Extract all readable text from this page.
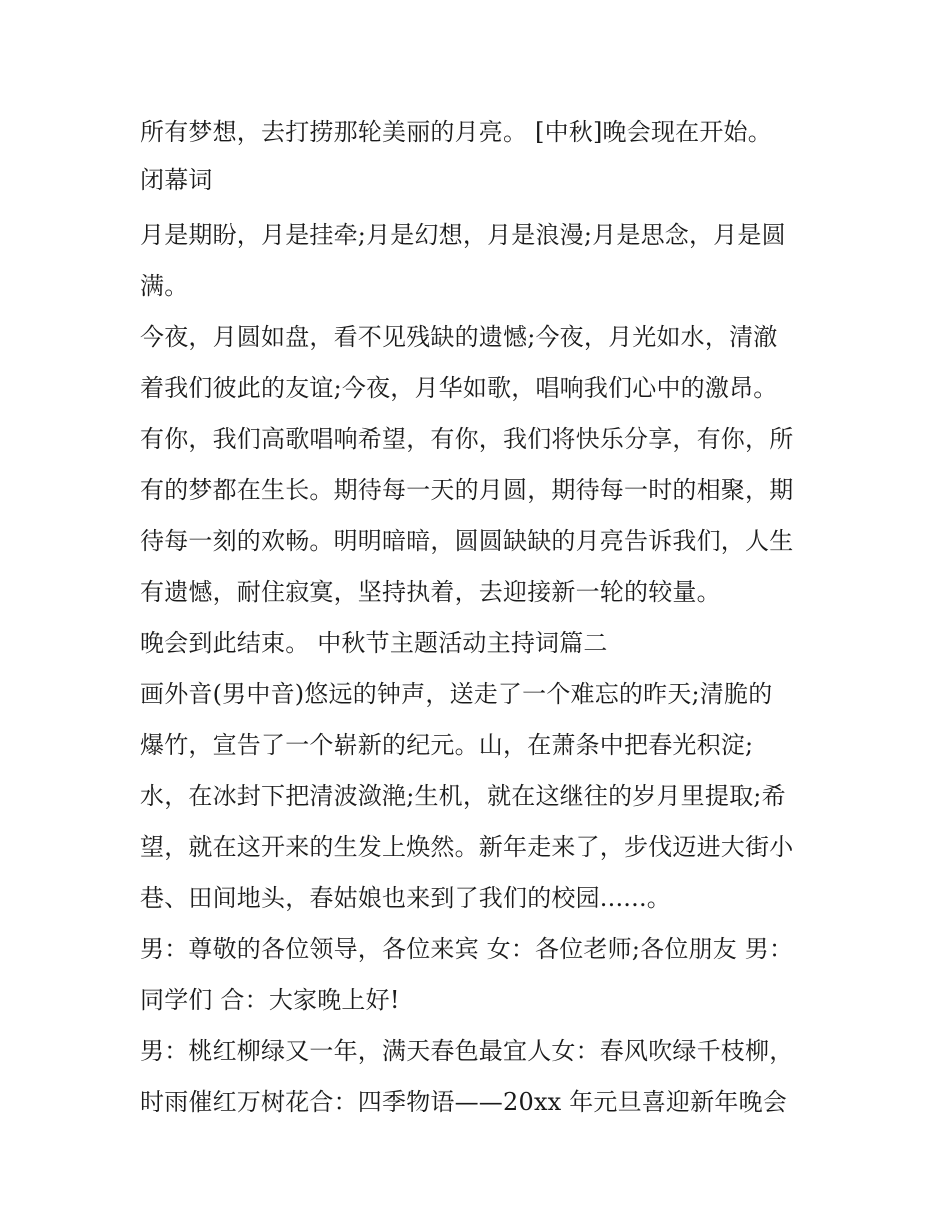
所有梦想，去打捞那轮美丽的月亮。 [中秋]晚会现在开始。
闭幕词
月是期盼，月是挂牵;月是幻想，月是浪漫;月是思念，月是圆
满。
今夜，月圆如盘，看不见残缺的遗憾;今夜，月光如水，清澈
着我们彼此的友谊;今夜，月华如歌，唱响我们心中的激昂。
有你，我们高歌唱响希望，有你，我们将快乐分享，有你，所
有的梦都在生长。期待每一天的月圆，期待每一时的相聚，期
待每一刻的欢畅。明明暗暗，圆圆缺缺的月亮告诉我们，人生
有遗憾，耐住寂寞，坚持执着，去迎接新一轮的较量。
晚会到此结束。 中秋节主题活动主持词篇二
画外音(男中音)悠远的钟声，送走了一个难忘的昨天;清脆的
爆竹，宣告了一个崭新的纪元。山，在萧条中把春光积淀;
水，在冰封下把清波潋滟;生机，就在这继往的岁月里提取;希
望，就在这开来的生发上焕然。新年走来了，步伐迈进大街小
巷、田间地头，春姑娘也来到了我们的校园......。
男：尊敬的各位领导，各位来宾 女：各位老师;各位朋友 男：
同学们 合：大家晚上好!
男：桃红柳绿又一年，满天春色最宜人女：春风吹绿千枝柳，
时雨催红万树花合：四季物语——20xx 年元旦喜迎新年晚会
